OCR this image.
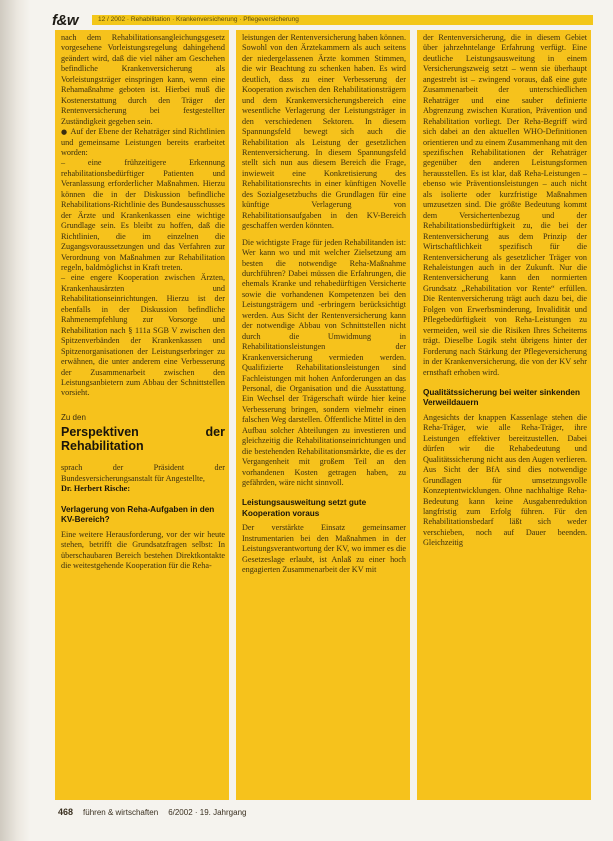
f&w	12 / 2002 · Rehabilitation · Krankenversicherung · Pflegeversicherung

nach dem Rehabilitationsangleichungsgesetz vorgesehene Vorleistungsregelung dahingehend geändert wird, daß die viel näher am Geschehen befindliche Krankenversicherung als Vorleistungsträger einspringen kann, wenn eine Rehamaßnahme geboten ist. Hierbei muß die Kostenerstattung durch den Träger der Rentenversicherung bei festgestellter Zuständigkeit gegeben sein.

● Auf der Ebene der Rehaträger sind Richtlinien und gemeinsame Leistungen bereits erarbeitet worden:

– eine frühzeitigere Erkennung rehabilitationsbedürftiger Patienten und Veranlassung erforderlicher Maßnahmen. Hierzu können die in der Diskussion befindliche Rehabilitations-Richtlinie des Bundesausschusses der Ärzte und Krankenkassen eine wichtige Grundlage sein. Es bleibt zu hoffen, daß die Richtlinien, die im einzelnen die Zugangsvoraussetzungen und das Verfahren zur Verordnung von Maßnahmen zur Rehabilitation regeln, baldmöglichst in Kraft treten.

– eine engere Kooperation zwischen Ärzten, Krankenhausärzten und Rehabilitationseinrichtungen. Hierzu ist der ebenfalls in der Diskussion befindliche Rahmenempfehlung zur Vorsorge und Rehabilitation nach § 111a SGB V zwischen den Spitzenverbänden der Krankenkassen und Spitzenorganisationen der Leistungserbringer zu erwähnen, die unter anderem eine Verbesserung der Zusammenarbeit zwischen den Leistungsanbietern zum Abbau der Schnittstellen vorsieht.

Zu den
Perspektiven der Rehabilitation

sprach der Präsident der Bundesversicherungsanstalt für Angestellte,

Dr. Herbert Rische:

Verlagerung von Reha-Aufgaben in den KV-Bereich?

Eine weitere Herausforderung, vor der wir heute stehen, betrifft die Grundsatzfragen selbst: In überschaubaren Bereich bestehen Direktkontakte die weitestgehende Kooperation für die Reha-

leistungen der Rentenversicherung haben können. Sowohl von den Ärztekammern als auch seitens der niedergelassenen Ärzte kommen Stimmen, die wir Beachtung zu schenken haben. Es wird deutlich, dass zu einer Verbesserung der Kooperation zwischen den Rehabilitationsträgern und dem Krankenversicherungsbereich eine wesentliche Verlagerung der Leistungsträger in den verschiedenen Sektoren. In diesem Spannungsfeld bewegt sich auch die Rehabilitation als Leistung der gesetzlichen Rentenversicherung. In diesem Spannungsfeld stellt sich nun aus diesem Bereich die Frage, inwieweit eine Konkretisierung des Rehabilitationsrechts in einer künftigen Novelle des Sozialgesetzbuchs die Grundlagen für eine künftige Verlagerung von Rehabilitationsaufgaben in den KV-Bereich geschaffen werden könnten.

Die wichtigste Frage für jeden Rehabilitanden ist: Wer kann wo und mit welcher Zielsetzung am besten die notwendige Reha-Maßnahme durchführen? Dabei müssen die Erfahrungen, die ehemals Kranke und rehabedürftigen Versicherte sowie die vorhandenen Kompetenzen bei den Leistungsträgern und -erbringern berücksichtigt werden. Aus Sicht der Rentenversicherung kann der notwendige Abbau von Schnittstellen nicht durch die Umwidmung in Rehabilitationsleistungen der Krankenversicherung vermieden werden. Qualifizierte Rehabilitationsleistungen sind Fachleistungen mit hohen Anforderungen an das Personal, die Organisation und die Ausstattung. Ein Wechsel der Trägerschaft würde hier keine Verbesserung bringen, sondern vielmehr einen falschen Weg darstellen. Öffentliche Mittel in den Aufbau solcher Abteilungen zu investieren und gleichzeitig die Rehabilitationseinrichtungen und die bestehenden Rehabilitationsmärkte, die es der Vergangenheit mit großem Teil an den vorhandenen Kosten getragen haben, zu gefährden, wäre nicht sinnvoll.

Leistungsausweitung setzt gute Kooperation voraus

Der verstärkte Einsatz gemeinsamer Instrumentarien bei den Maßnahmen in der Leistungsverantwortung der KV, wo immer es die Gesetzeslage erlaubt, ist Anlaß zu einer hoch engagierten Zusammenarbeit der KV mit

der Rentenversicherung, die in diesem Gebiet über jahrzehntelange Erfahrung verfügt. Eine deutliche Leistungsausweitung in einem Versicherungszweig setzt – wenn sie überhaupt angestrebt ist – zwingend voraus, daß eine gute Zusammenarbeit der unterschiedlichen Rehaträger und eine sauber definierte Abgrenzung zwischen Kuration, Prävention und Rehabilitation vorliegt. Der Reha-Begriff wird sich dabei an den aktuellen WHO-Definitionen orientieren und zu einem Zusammenhang mit den spezifischen Rehabilitationen der Rehaträger gegenüber den anderen Leistungsformen herausstellen. Es ist klar, daß Reha-Leistungen – ebenso wie Präventionsleistungen – auch nicht als isolierte oder kurzfristige Maßnahmen umzusetzen sind. Die größte Bedeutung kommt dem Versichertenbezug und der Rehabilitationsbedürftigkeit zu, die bei der Rentenversicherung aus dem Prinzip der Wirtschaftlichkeit spezifisch für die Rentenversicherung als gesetzlicher Träger von Rehaleistungen auch in der Zukunft. Nur die Rentenversicherung kann den normierten Grundsatz „Rehabilitation vor Rente“ erfüllen. Die Rentenversicherung trägt auch dazu bei, die Folgen von Erwerbsminderung, Invalidität und Pflegebedürftigkeit von Reha-Leistungen zu vermeiden, weil sie die Risiken Ihres Scheiterns trägt. Dieselbe Logik steht übrigens hinter der Forderung nach Stärkung der Pflegeversicherung in der Krankenversicherung, die von der KV sehr ernsthaft erhoben wird.

Qualitätssicherung bei weiter sinkenden Verweildauern

Angesichts der knappen Kassenlage stehen die Reha-Träger, wie alle Reha-Träger, ihre Leistungen effektiver bereitzustellen. Dabei dürfen wir die Rehabedeutung und Qualitätssicherung nicht aus den Augen verlieren. Aus Sicht der BfA sind dies notwendige Grundlagen für umsetzungsvolle Konzeptentwicklungen. Ohne nachhaltige Reha-Bedeutung kann keine Ausgabenreduktion langfristig zum Erfolg führen. Für den Rehabilitationsbedarf läßt sich weder verschieben, noch auf Dauer beenden. Gleichzeitig

468 führen & wirtschaften 6/2002 · 19. Jahrgang
